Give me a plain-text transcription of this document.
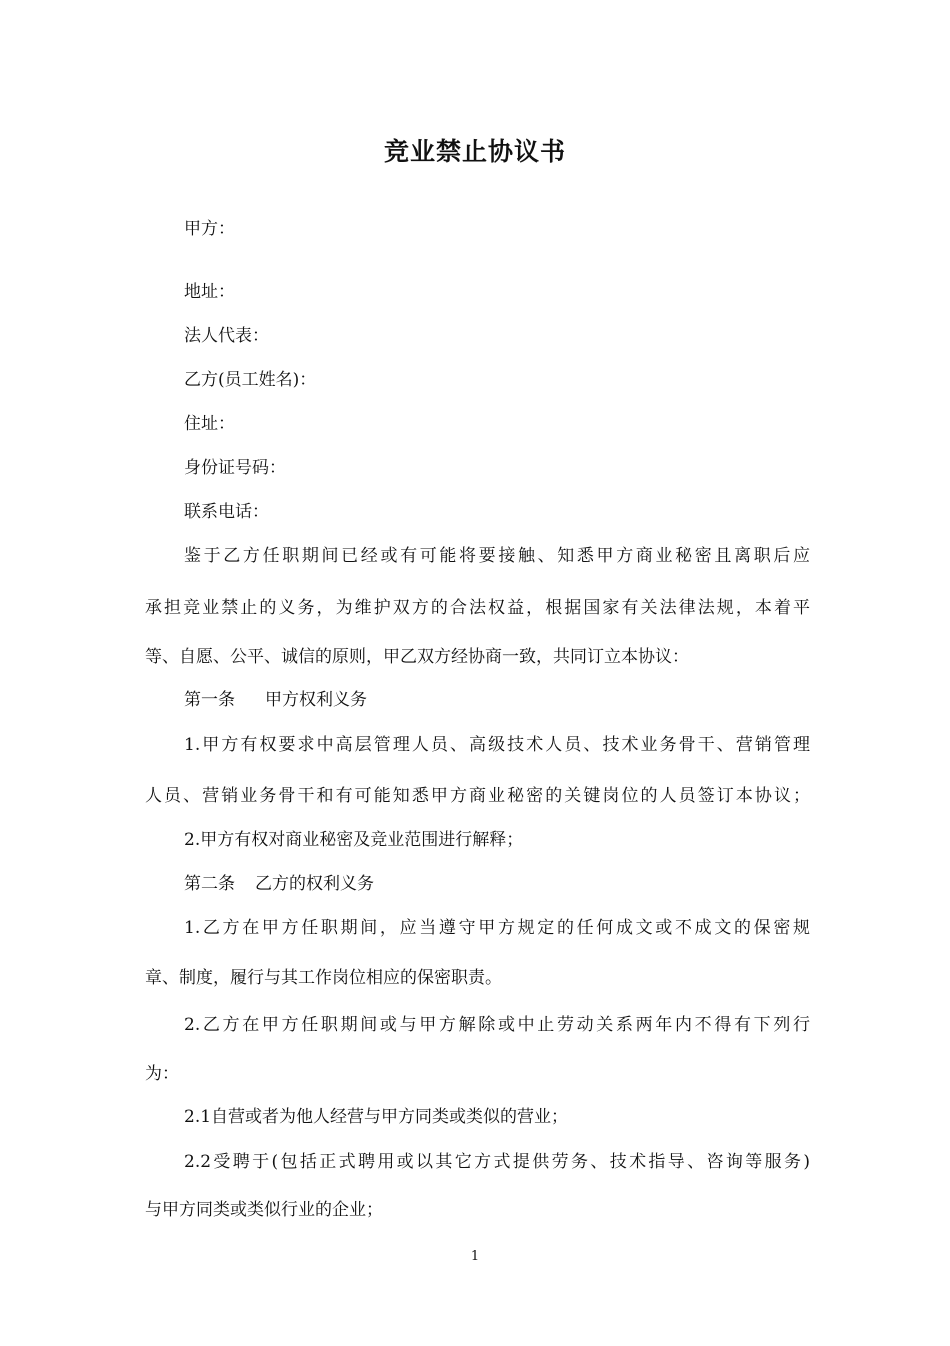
竞业禁止协议书
甲方：
地址：
法人代表：
乙方(员工姓名)：
住址：
身份证号码：
联系电话：
鉴于乙方任职期间已经或有可能将要接触、知悉甲方商业秘密且离职后应
承担竞业禁止的义务，为维护双方的合法权益，根据国家有关法律法规，本着平
等、自愿、公平、诚信的原则，甲乙双方经协商一致，共同订立本协议：
第一条 甲方权利义务
1.甲方有权要求中高层管理人员、高级技术人员、技术业务骨干、营销管理
人员、营销业务骨干和有可能知悉甲方商业秘密的关键岗位的人员签订本协议；
2.甲方有权对商业秘密及竞业范围进行解释；
第二条 乙方的权利义务
1.乙方在甲方任职期间，应当遵守甲方规定的任何成文或不成文的保密规
章、制度，履行与其工作岗位相应的保密职责。
2.乙方在甲方任职期间或与甲方解除或中止劳动关系两年内不得有下列行
为：
2.1自营或者为他人经营与甲方同类或类似的营业；
2.2受聘于(包括正式聘用或以其它方式提供劳务、技术指导、咨询等服务)
与甲方同类或类似行业的企业；
1
